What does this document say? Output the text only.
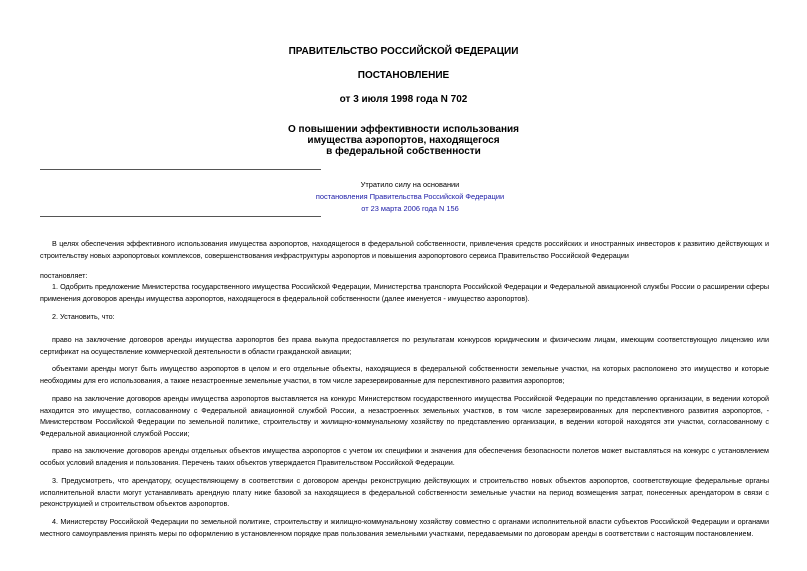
ПРАВИТЕЛЬСТВО РОССИЙСКОЙ ФЕДЕРАЦИИ
ПОСТАНОВЛЕНИЕ
от 3 июля 1998 года N 702
О повышении эффективности использования
имущества аэропортов, находящегося
в федеральной собственности
Утратило силу на основании
постановления Правительства Российской Федерации
от 23 марта 2006 года N 156

В целях обеспечения эффективного использования имущества аэропортов, находящегося в федеральной собственности, привлечения средств российских и иностранных инвесторов к развитию действующих и строительству новых аэропортовых комплексов, совершенствования инфраструктуры аэропортов и повышения аэропортового сервиса Правительство Российской Федерации

постановляет:

1. Одобрить предложение Министерства государственного имущества Российской Федерации, Министерства транспорта Российской Федерации и Федеральной авиационной службы России о расширении сферы применения договоров аренды имущества аэропортов, находящегося в федеральной собственности (далее именуется - имущество аэропортов).

2. Установить, что:

право на заключение договоров аренды имущества аэропортов без права выкупа предоставляется по результатам конкурсов юридическим и физическим лицам, имеющим соответствующую лицензию или сертификат на осуществление коммерческой деятельности в области гражданской авиации;

объектами аренды могут быть имущество аэропортов в целом и его отдельные объекты, находящиеся в федеральной собственности земельные участки, на которых расположено это имущество и которые необходимы для его использования, а также незастроенные земельные участки, в том числе зарезервированные для перспективного развития аэропортов;

право на заключение договоров аренды имущества аэропортов выставляется на конкурс Министерством государственного имущества Российской Федерации по представлению организации, в ведении которой находится это имущество, согласованному с Федеральной авиационной службой России, а незастроенных земельных участков, в том числе зарезервированных для перспективного развития аэропортов, - Министерством Российской Федерации по земельной политике, строительству и жилищно-коммунальному хозяйству по представлению организации, в ведении которой находятся эти участки, согласованному с Федеральной авиационной службой России;

право на заключение договоров аренды отдельных объектов имущества аэропортов с учетом их специфики и значения для обеспечения безопасности полетов может выставляться на конкурс с установлением особых условий владения и пользования. Перечень таких объектов утверждается Правительством Российской Федерации.

3. Предусмотреть, что арендатору, осуществляющему в соответствии с договором аренды реконструкцию действующих и строительство новых объектов аэропортов, соответствующие федеральные органы исполнительной власти могут устанавливать арендную плату ниже базовой за находящиеся в федеральной собственности земельные участки на период возмещения затрат, понесенных арендатором в связи с реконструкцией и строительством объектов аэропортов.

4. Министерству Российской Федерации по земельной политике, строительству и жилищно-коммунальному хозяйству совместно с органами исполнительной власти субъектов Российской Федерации и органами местного самоуправления принять меры по оформлению в установленном порядке прав пользования земельными участками, передаваемыми по договорам аренды в соответствии с настоящим постановлением.
